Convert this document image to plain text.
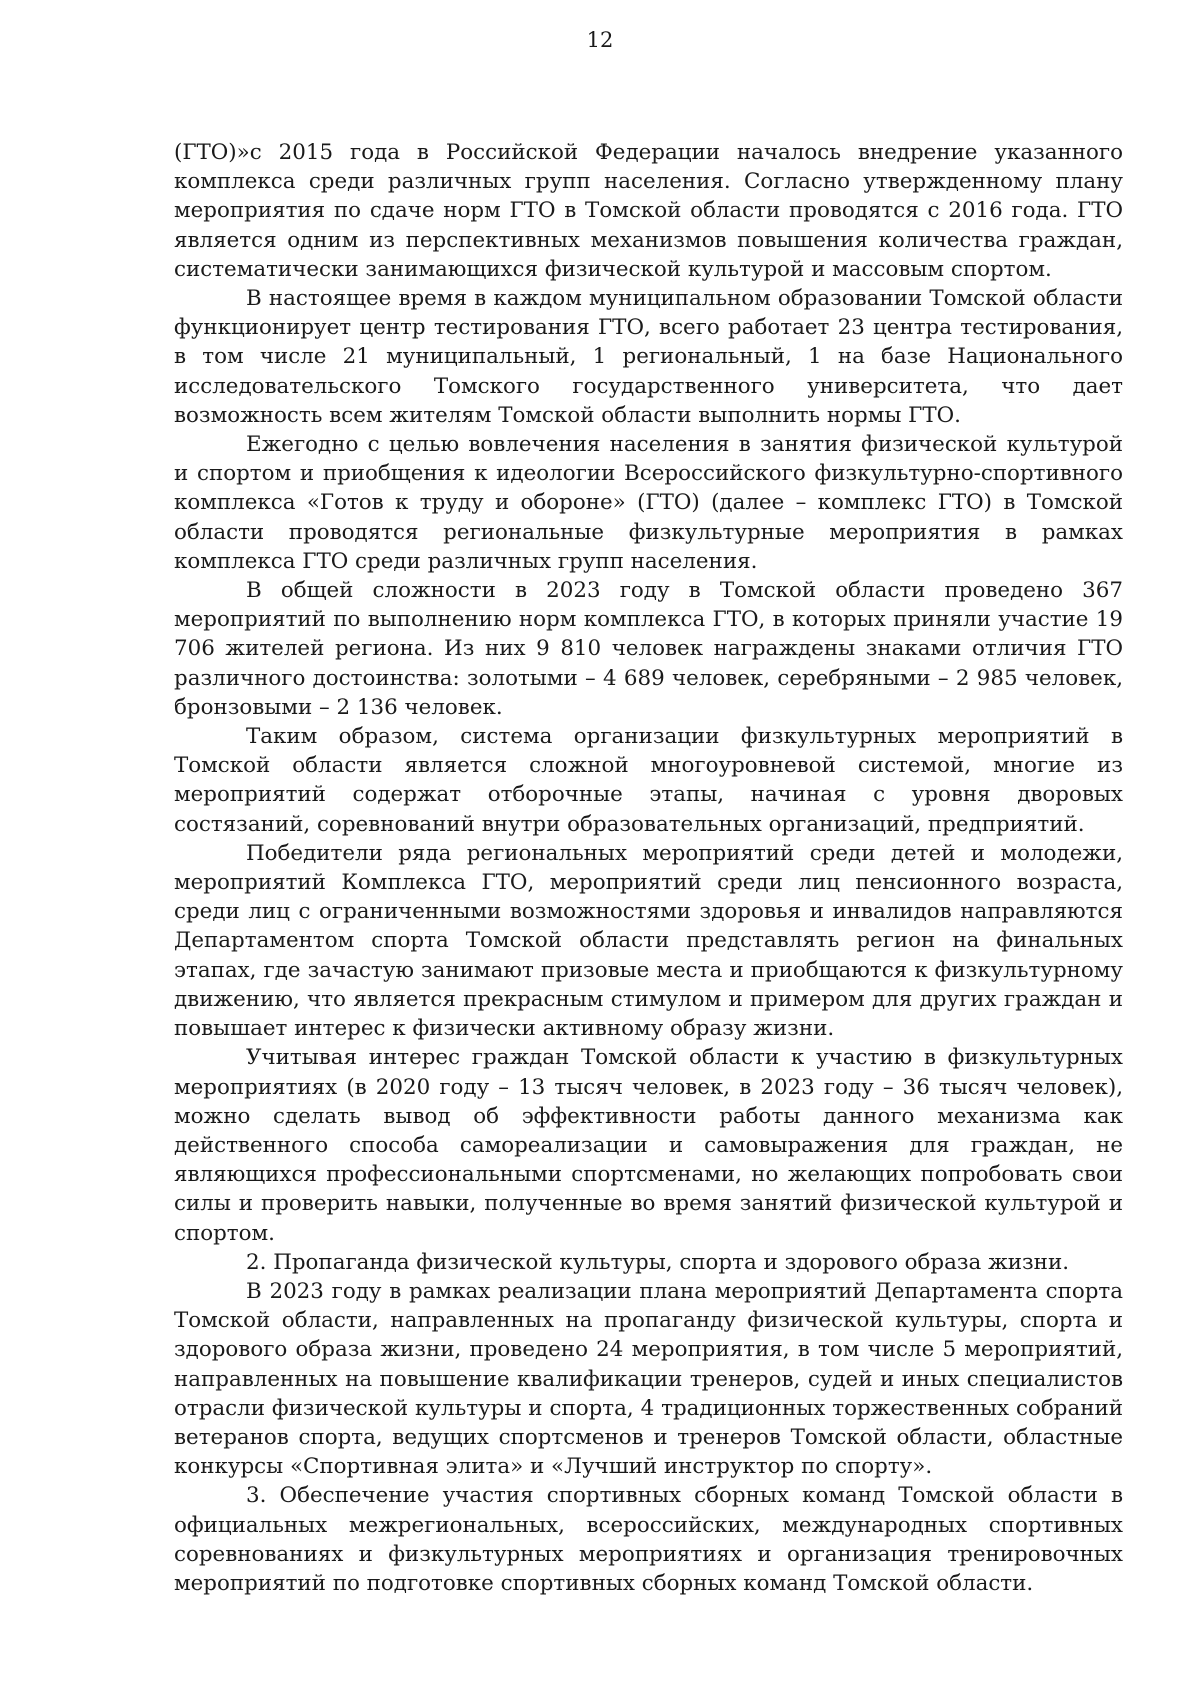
12

(ГТО)»с 2015 года в Российской Федерации началось внедрение указанного комплекса среди различных групп населения. Согласно утвержденному плану мероприятия по сдаче норм ГТО в Томской области проводятся с 2016 года. ГТО является одним из перспективных механизмов повышения количества граждан, систематически занимающихся физической культурой и массовым спортом.

В настоящее время в каждом муниципальном образовании Томской области функционирует центр тестирования ГТО, всего работает 23 центра тестирования, в том числе 21 муниципальный, 1 региональный, 1 на базе Национального исследовательского Томского государственного университета, что дает возможность всем жителям Томской области выполнить нормы ГТО.

Ежегодно с целью вовлечения населения в занятия физической культурой и спортом и приобщения к идеологии Всероссийского физкультурно-спортивного комплекса «Готов к труду и обороне» (ГТО) (далее – комплекс ГТО) в Томской области проводятся региональные физкультурные мероприятия в рамках комплекса ГТО среди различных групп населения.

В общей сложности в 2023 году в Томской области проведено 367 мероприятий по выполнению норм комплекса ГТО, в которых приняли участие 19 706 жителей региона. Из них 9 810 человек награждены знаками отличия ГТО различного достоинства: золотыми – 4 689 человек, серебряными – 2 985 человек, бронзовыми – 2 136 человек.

Таким образом, система организации физкультурных мероприятий в Томской области является сложной многоуровневой системой, многие из мероприятий содержат отборочные этапы, начиная с уровня дворовых состязаний, соревнований внутри образовательных организаций, предприятий.

Победители ряда региональных мероприятий среди детей и молодежи, мероприятий Комплекса ГТО, мероприятий среди лиц пенсионного возраста, среди лиц с ограниченными возможностями здоровья и инвалидов направляются Департаментом спорта Томской области представлять регион на финальных этапах, где зачастую занимают призовые места и приобщаются к физкультурному движению, что является прекрасным стимулом и примером для других граждан и повышает интерес к физически активному образу жизни.

Учитывая интерес граждан Томской области к участию в физкультурных мероприятиях (в 2020 году – 13 тысяч человек, в 2023 году – 36 тысяч человек), можно сделать вывод об эффективности работы данного механизма как действенного способа самореализации и самовыражения для граждан, не являющихся профессиональными спортсменами, но желающих попробовать свои силы и проверить навыки, полученные во время занятий физической культурой и спортом.

2. Пропаганда физической культуры, спорта и здорового образа жизни.

В 2023 году в рамках реализации плана мероприятий Департамента спорта Томской области, направленных на пропаганду физической культуры, спорта и здорового образа жизни, проведено 24 мероприятия, в том числе 5 мероприятий, направленных на повышение квалификации тренеров, судей и иных специалистов отрасли физической культуры и спорта, 4 традиционных торжественных собраний ветеранов спорта, ведущих спортсменов и тренеров Томской области, областные конкурсы «Спортивная элита» и «Лучший инструктор по спорту».

3. Обеспечение участия спортивных сборных команд Томской области в официальных межрегиональных, всероссийских, международных спортивных соревнованиях и физкультурных мероприятиях и организация тренировочных мероприятий по подготовке спортивных сборных команд Томской области.
